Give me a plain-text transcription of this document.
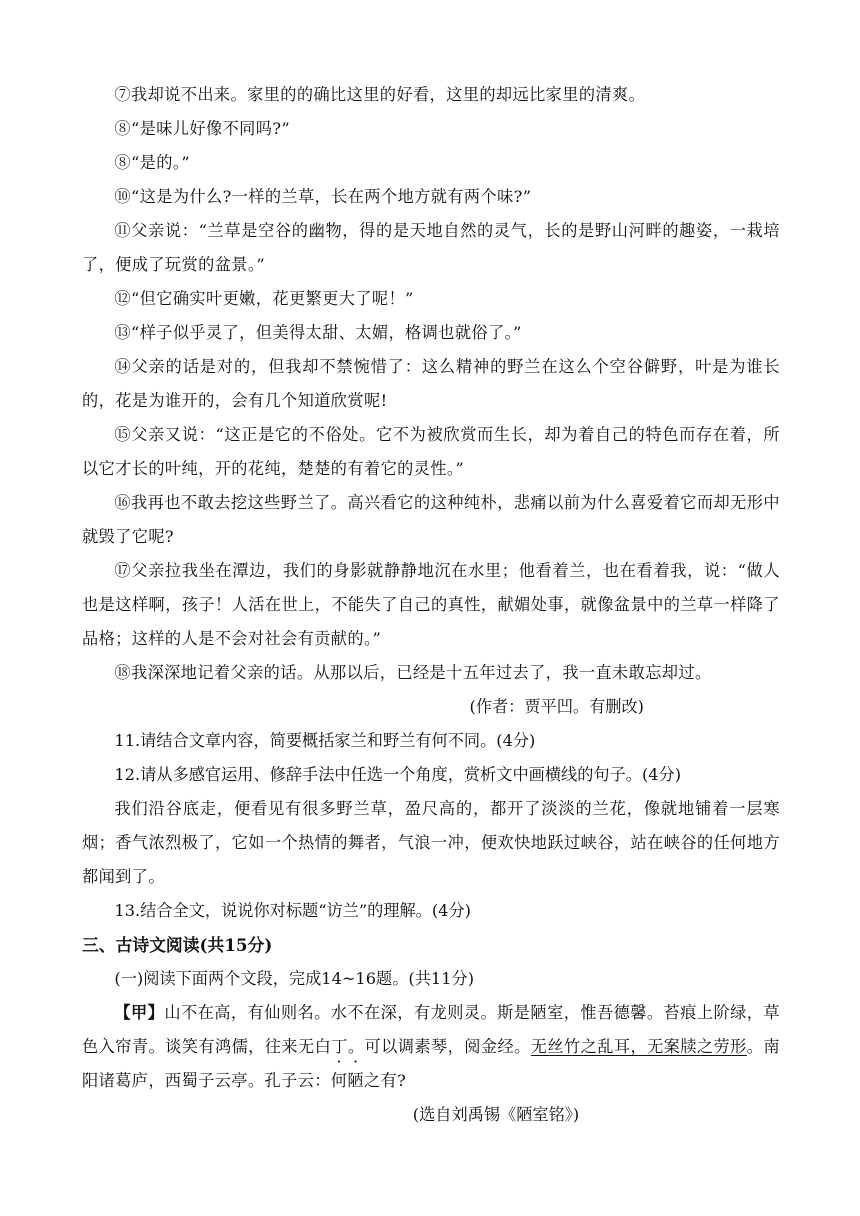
⑦我却说不出来。家里的的确比这里的好看，这里的却远比家里的清爽。

⑧“是味儿好像不同吗?”

⑧“是的。”

⑩“这是为什么?一样的兰草，长在两个地方就有两个味?”

⑪父亲说：“兰草是空谷的幽物，得的是天地自然的灵气，长的是野山河畔的趣姿，一栽培了，便成了玩赏的盆景。”

⑫“但它确实叶更嫩，花更繁更大了呢！”

⑬“样子似乎灵了，但美得太甜、太媚，格调也就俗了。”

⑭父亲的话是对的，但我却不禁惋惜了：这么精神的野兰在这么个空谷僻野，叶是为谁长的，花是为谁开的，会有几个知道欣赏呢!

⑮父亲又说：“这正是它的不俗处。它不为被欣赏而生长，却为着自己的特色而存在着，所以它才长的叶纯，开的花纯，楚楚的有着它的灵性。”

⑯我再也不敢去挖这些野兰了。高兴看它的这种纯朴，悲痛以前为什么喜爱着它而却无形中就毁了它呢?

⑰父亲拉我坐在潭边，我们的身影就静静地沉在水里；他看着兰，也在看着我，说：“做人也是这样啊，孩子！人活在世上，不能失了自己的真性，献媚处事，就像盆景中的兰草一样降了品格；这样的人是不会对社会有贡献的。”

⑱我深深地记着父亲的话。从那以后，已经是十五年过去了，我一直未敢忘却过。

(作者：贾平凹。有删改)

11.请结合文章内容，简要概括家兰和野兰有何不同。(4分)

12.请从多感官运用、修辞手法中任选一个角度，赏析文中画横线的句子。(4分)

我们沿谷底走，便看见有很多野兰草，盈尺高的，都开了淡淡的兰花，像就地铺着一层寒烟；香气浓烈极了，它如一个热情的舞者，气浪一冲，便欢快地跃过峡谷，站在峡谷的任何地方都闻到了。

13.结合全文，说说你对标题“访兰”的理解。(4分)

三、古诗文阅读(共15分)

(一)阅读下面两个文段，完成14~16题。(共11分)

【甲】山不在高，有仙则名。水不在深，有龙则灵。斯是陋室，惟吾德馨。苔痕上阶绿，草色入帘青。谈笑有鸿儒，往来无白丁。可以调素琴，阅金经。无丝竹之乱耳，无案牍之劳形。南阳诸葛庐，西蜀子云亭。孔子云：何陋之有?

(选自刘禹锡《陋室铭》)
